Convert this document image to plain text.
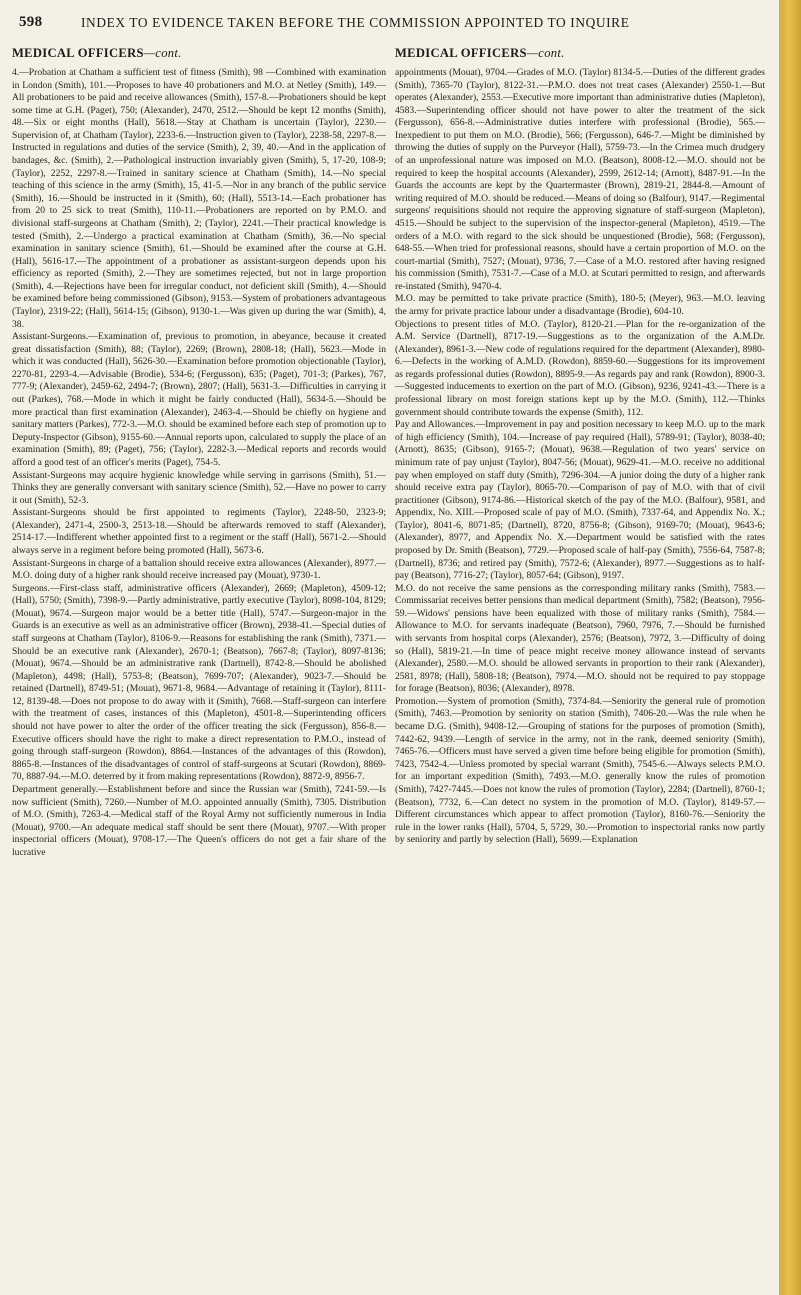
598	INDEX TO EVIDENCE TAKEN BEFORE THE COMMISSION APPOINTED TO INQUIRE
MEDICAL OFFICERS—cont.

4.—Probation at Chatham a sufficient test of fitness (Smith), 98 —Combined with examination in London (Smith), 101.—Proposes to have 40 probationers and M.O. at Netley (Smith), 149.—All probationers to be paid and receive allowances (Smith), 157-8.—Probationers should be kept some time at G.H. (Paget), 750; (Alexander), 2470, 2512.—Should be kept 12 months (Smith), 48.—Six or eight months (Hall), 5618.—Stay at Chatham is uncertain (Taylor), 2230.—Supervision of, at Chatham (Taylor), 2233-6.—Instruction given to (Taylor), 2238-58, 2297-8.—Instructed in regulations and duties of the service (Smith), 2, 39, 40.—And in the application of bandages, &c. (Smith), 2.—Pathological instruction invariably given (Smith), 5, 17-20, 108-9; (Taylor), 2252, 2297-8.—Trained in sanitary science at Chatham (Smith), 14.—No special teaching of this science in the army (Smith), 15, 41-5.—Nor in any branch of the public service (Smith), 16.—Should be instructed in it (Smith), 60; (Hall), 5513-14.—Each probationer has from 20 to 25 sick to treat (Smith), 110-11.—Probationers are reported on by P.M.O. and divisional staff-surgeons at Chatham (Smith), 2; (Taylor), 2241.—Their practical knowledge is tested (Smith), 2.—Undergo a practical examination at Chatham (Smith), 36.—No special examination in sanitary science (Smith), 61.—Should be examined after the course at G.H. (Hall), 5616-17.—The appointment of a probationer as assistant-surgeon depends upon his efficiency as reported (Smith), 2.—They are sometimes rejected, but not in large proportion (Smith), 4.—Rejections have been for irregular conduct, not deficient skill (Smith), 4.—Should be examined before being commissioned (Gibson), 9153.—System of probationers advantageous (Taylor), 2319-22; (Hall), 5614-15; (Gibson), 9130-1.—Was given up during the war (Smith), 4, 38.
Assistant-Surgeons.—Examination of, previous to promotion, in abeyance, because it created great dissatisfaction (Smith), 88; (Taylor), 2269; (Brown), 2808-18; (Hall), 5623.—Mode in which it was conducted (Hall), 5626-30.—Examination before promotion objectionable (Taylor), 2270-81, 2293-4.—Advisable (Brodie), 534-6; (Fergusson), 635; (Paget), 701-3; (Parkes), 767, 777-9; (Alexander), 2459-62, 2494-7; (Brown), 2807; (Hall), 5631-3.—Difficulties in carrying it out (Parkes), 768.—Mode in which it might be fairly conducted (Hall), 5634-5.—Should be more practical than first examination (Alexander), 2463-4.—Should be chiefly on hygiene and sanitary matters (Parkes), 772-3.—M.O. should be examined before each step of promotion up to Deputy-Inspector (Gibson), 9155-60.—Annual reports upon, calculated to supply the place of an examination (Smith), 89; (Paget), 756; (Taylor), 2282-3.—Medical reports and records would afford a good test of an officer's merits (Paget), 754-5.
Assistant-Surgeons may acquire hygienic knowledge while serving in garrisons (Smith), 51.—Thinks they are generally conversant with sanitary science (Smith), 52.—Have no power to carry it out (Smith), 52-3.
Assistant-Surgeons should be first appointed to regiments (Taylor), 2248-50, 2323-9; (Alexander), 2471-4, 2500-3, 2513-18.—Should be afterwards removed to staff (Alexander), 2514-17.—Indifferent whether appointed first to a regiment or the staff (Hall), 5671-2.—Should always serve in a regiment before being promoted (Hall), 5673-6.
Assistant-Surgeons in charge of a battalion should receive extra allowances (Alexander), 8977.—M.O. doing duty of a higher rank should receive increased pay (Mouat), 9730-1.
Surgeons.—First-class staff, administrative officers (Alexander), 2669; (Mapleton), 4509-12; (Hall), 5750; (Smith), 7398-9.—Partly administrative, partly executive (Taylor), 8098-104, 8129; (Mouat), 9674.—Surgeon major would be a better title (Hall), 5747.—Surgeon-major in the Guards is an executive as well as an administrative officer (Brown), 2938-41.—Special duties of staff surgeons at Chatham (Taylor), 8106-9.—Reasons for establishing the rank (Smith), 7371.—Should be an executive rank (Alexander), 2670-1; (Beatson), 7667-8; (Taylor), 8097-8136; (Mouat), 9674.—Should be an administrative rank (Dartnell), 8742-8.—Should be abolished (Mapleton), 4498; (Hall), 5753-8; (Beatson), 7699-707; (Alexander), 9023-7.—Should be retained (Dartnell), 8749-51; (Mouat), 9671-8, 9684.—Advantage of retaining it (Taylor), 8111-12, 8139-48.—Does not propose to do away with it (Smith), 7668.—Staff-surgeon can interfere with the treatment of cases, instances of this (Mapleton), 4501-8.—Superintending officers should not have power to alter the order of the officer treating the sick (Fergusson), 856-8.—Executive officers should have the right to make a direct representation to P.M.O., instead of going through staff-surgeon (Rowdon), 8864.—Instances of the advantages of this (Rowdon), 8865-8.—Instances of the disadvantages of control of staff-surgeons at Scutari (Rowdon), 8869-70, 8887-94.—M.O. deterred by it from making representations (Rowdon), 8872-9, 8956-7.
Department generally.—Establishment before and since the Russian war (Smith), 7241-59.—Is now sufficient (Smith), 7260.—Number of M.O. appointed annually (Smith), 7305. Distribution of M.O. (Smith), 7263-4.—Medical staff of the Royal Army not sufficiently numerous in India (Mouat), 9700.—An adequate medical staff should be sent there (Mouat), 9707.—With proper inspectorial officers (Mouat), 9708-17.—The Queen's officers do not get a fair share of the lucrative

MEDICAL OFFICERS—cont.

appointments (Mouat), 9704.—Grades of M.O. (Taylor) 8134-5.—Duties of the different grades (Smith), 7365-70 (Taylor), 8122-31.—P.M.O. does not treat cases (Alexander) 2550-1.—But operates (Alexander), 2553.—Executive more important than administrative duties (Mapleton), 4583.—Superintending officer should not have power to alter the treatment of the sick (Fergusson), 656-8.—Administrative duties interfere with professional (Brodie), 565.—Inexpedient to put them on M.O. (Brodie), 566; (Fergusson), 646-7.—Might be diminished by throwing the duties of supply on the Purveyor (Hall), 5759-73.—In the Crimea much drudgery of an unprofessional nature was imposed on M.O. (Beatson), 8008-12.—M.O. should not be required to keep the hospital accounts (Alexander), 2599, 2612-14; (Arnott), 8487-91.—In the Guards the accounts are kept by the Quartermaster (Brown), 2819-21, 2844-8.—Amount of writing required of M.O. should be reduced.—Means of doing so (Balfour), 9147.—Regimental surgeons' requisitions should not require the approving signature of staff-surgeon (Mapleton), 4515.—Should be subject to the supervision of the inspector-general (Mapleton), 4519.—The orders of a M.O. with regard to the sick should be unquestioned (Brodie), 568; (Fergusson), 648-55.—When tried for professional reasons, should have a certain proportion of M.O. on the court-martial (Smith), 7527; (Mouat), 9736, 7.—Case of a M.O. restored after having resigned his commission (Smith), 7531-7.—Case of a M.O. at Scutari permitted to resign, and afterwards re-instated (Smith), 9470-4.
M.O. may be permitted to take private practice (Smith), 180-5; (Meyer), 963.—M.O. leaving the army for private practice labour under a disadvantage (Brodie), 604-10.
Objections to present titles of M.O. (Taylor), 8120-21.—Plan for the re-organization of the A.M. Service (Dartnell), 8717-19.—Suggestions as to the organization of the A.M.Dr. (Alexander), 8961-3.—New code of regulations required for the department (Alexander), 8980-6.—Defects in the working of A.M.D. (Rowdon), 8859-60.—Suggestions for its improvement as regards professional duties (Rowdon), 8895-9.—As regards pay and rank (Rowdon), 8900-3.—Suggested inducements to exertion on the part of M.O. (Gibson), 9236, 9241-43.—There is a professional library on most foreign stations kept up by the M.O. (Smith), 112.—Thinks government should contribute towards the expense (Smith), 112.
Pay and Allowances.—Improvement in pay and position necessary to keep M.O. up to the mark of high efficiency (Smith), 104.—Increase of pay required (Hall), 5789-91; (Taylor), 8038-40; (Arnott), 8635; (Gibson), 9165-7; (Mouat), 9638.—Regulation of two years' service on minimum rate of pay unjust (Taylor), 8047-56; (Mouat), 9629-41.—M.O. receive no additional pay when employed on staff duty (Smith), 7296-304.—A junior doing the duty of a higher rank should receive extra pay (Taylor), 8065-70.—Comparison of pay of M.O. with that of civil practitioner (Gibson), 9174-86.—Historical sketch of the pay of the M.O. (Balfour), 9581, and Appendix, No. XIII.—Proposed scale of pay of M.O. (Smith), 7337-64, and Appendix No. X.; (Taylor), 8041-6, 8071-85; (Dartnell), 8720, 8756-8; (Gibson), 9169-70; (Mouat), 9643-6; (Alexander), 8977, and Appendix No. X.—Department would be satisfied with the rates proposed by Dr. Smith (Beatson), 7729.—Proposed scale of half-pay (Smith), 7556-64, 7587-8; (Dartnell), 8736; and retired pay (Smith), 7572-6; (Alexander), 8977.—Suggestions as to half-pay (Beatson), 7716-27; (Taylor), 8057-64; (Gibson), 9197.
M.O. do not receive the same pensions as the corresponding military ranks (Smith), 7583.—Commissariat receives better pensions than medical department (Smith), 7582; (Beatson), 7956-59.—Widows' pensions have been equalized with those of military ranks (Smith), 7584.—Allowance to M.O. for servants inadequate (Beatson), 7960, 7976, 7.—Should be furnished with servants from hospital corps (Alexander), 2576; (Beatson), 7972, 3.—Difficulty of doing so (Hall), 5819-21.—In time of peace might receive money allowance instead of servants (Alexander), 2580.—M.O. should be allowed servants in proportion to their rank (Alexander), 2581, 8978; (Hall), 5808-18; (Beatson), 7974.—M.O. should not be required to pay stoppage for forage (Beatson), 8036; (Alexander), 8978.
Promotion.—System of promotion (Smith), 7374-84.—Seniority the general rule of promotion (Smith), 7463.—Promotion by seniority on station (Smith), 7406-20.—Was the rule when he became D.G. (Smith), 9408-12.—Grouping of stations for the purposes of promotion (Smith), 7442-62, 9439.—Length of service in the army, not in the rank, deemed seniority (Smith), 7465-76.—Officers must have served a given time before being eligible for promotion (Smith), 7423, 7542-4.—Unless promoted by special warrant (Smith), 7545-6.—Always selects P.M.O. for an important expedition (Smith), 7493.—M.O. generally know the rules of promotion (Smith), 7427-7445.—Does not know the rules of promotion (Taylor), 2284; (Dartnell), 8760-1; (Beatson), 7732, 6.—Can detect no system in the promotion of M.O. (Taylor), 8149-57.—Different circumstances which appear to affect promotion (Taylor), 8160-76.—Seniority the rule in the lower ranks (Hall), 5704, 5, 5729, 30.—Promotion to inspectorial ranks now partly by seniority and partly by selection (Hall), 5699.—Explanation
